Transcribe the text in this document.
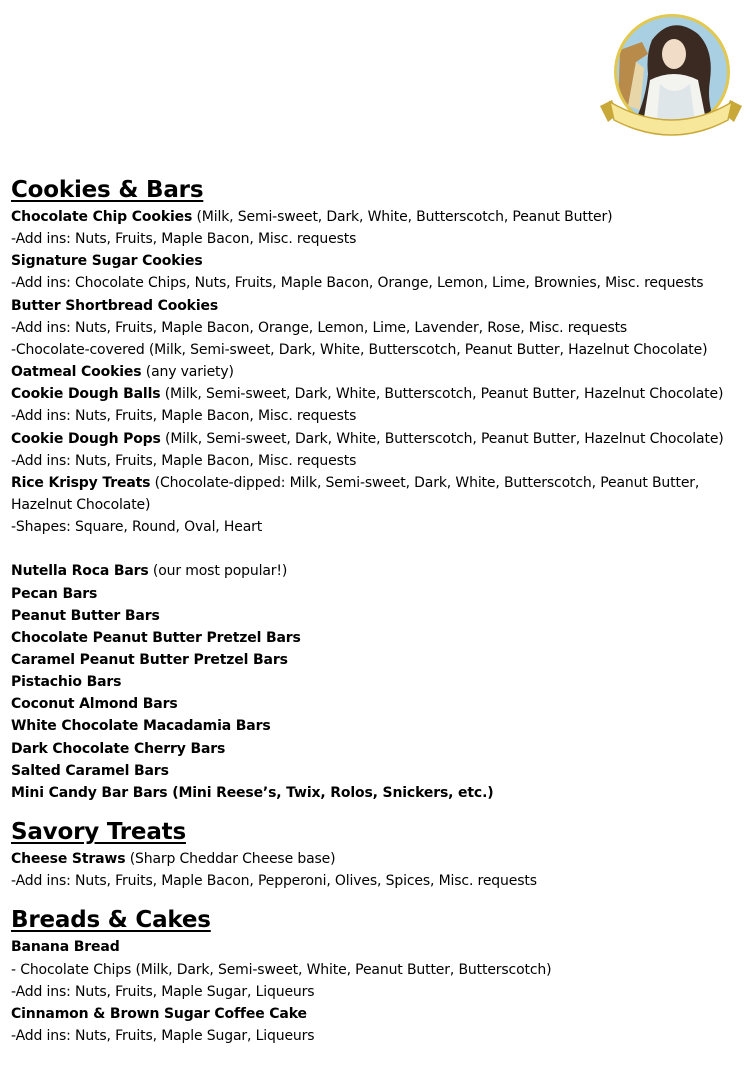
Cookies & Bars
Chocolate Chip Cookies (Milk, Semi-sweet, Dark, White, Butterscotch, Peanut Butter)
-Add ins: Nuts, Fruits, Maple Bacon, Misc. requests
Signature Sugar Cookies
-Add ins: Chocolate Chips, Nuts, Fruits, Maple Bacon, Orange, Lemon, Lime, Brownies, Misc. requests
Butter Shortbread Cookies
-Add ins: Nuts, Fruits, Maple Bacon, Orange, Lemon, Lime, Lavender, Rose, Misc. requests
-Chocolate-covered (Milk, Semi-sweet, Dark, White, Butterscotch, Peanut Butter, Hazelnut Chocolate)
Oatmeal Cookies (any variety)
Cookie Dough Balls (Milk, Semi-sweet, Dark, White, Butterscotch, Peanut Butter, Hazelnut Chocolate)
-Add ins: Nuts, Fruits, Maple Bacon, Misc. requests
Cookie Dough Pops (Milk, Semi-sweet, Dark, White, Butterscotch, Peanut Butter, Hazelnut Chocolate)
-Add ins: Nuts, Fruits, Maple Bacon, Misc. requests
Rice Krispy Treats (Chocolate-dipped: Milk, Semi-sweet, Dark, White, Butterscotch, Peanut Butter, Hazelnut Chocolate)
-Shapes: Square, Round, Oval, Heart
Nutella Roca Bars (our most popular!)
Pecan Bars
Peanut Butter Bars
Chocolate Peanut Butter Pretzel Bars
Caramel Peanut Butter Pretzel Bars
Pistachio Bars
Coconut Almond Bars
White Chocolate Macadamia Bars
Dark Chocolate Cherry Bars
Salted Caramel Bars
Mini Candy Bar Bars (Mini Reese’s, Twix, Rolos, Snickers, etc.)
Savory Treats
Cheese Straws (Sharp Cheddar Cheese base)
-Add ins: Nuts, Fruits, Maple Bacon, Pepperoni, Olives, Spices, Misc. requests
Breads & Cakes
Banana Bread
- Chocolate Chips (Milk, Dark, Semi-sweet, White, Peanut Butter, Butterscotch)
-Add ins: Nuts, Fruits, Maple Sugar, Liqueurs
Cinnamon & Brown Sugar Coffee Cake
-Add ins: Nuts, Fruits, Maple Sugar, Liqueurs
